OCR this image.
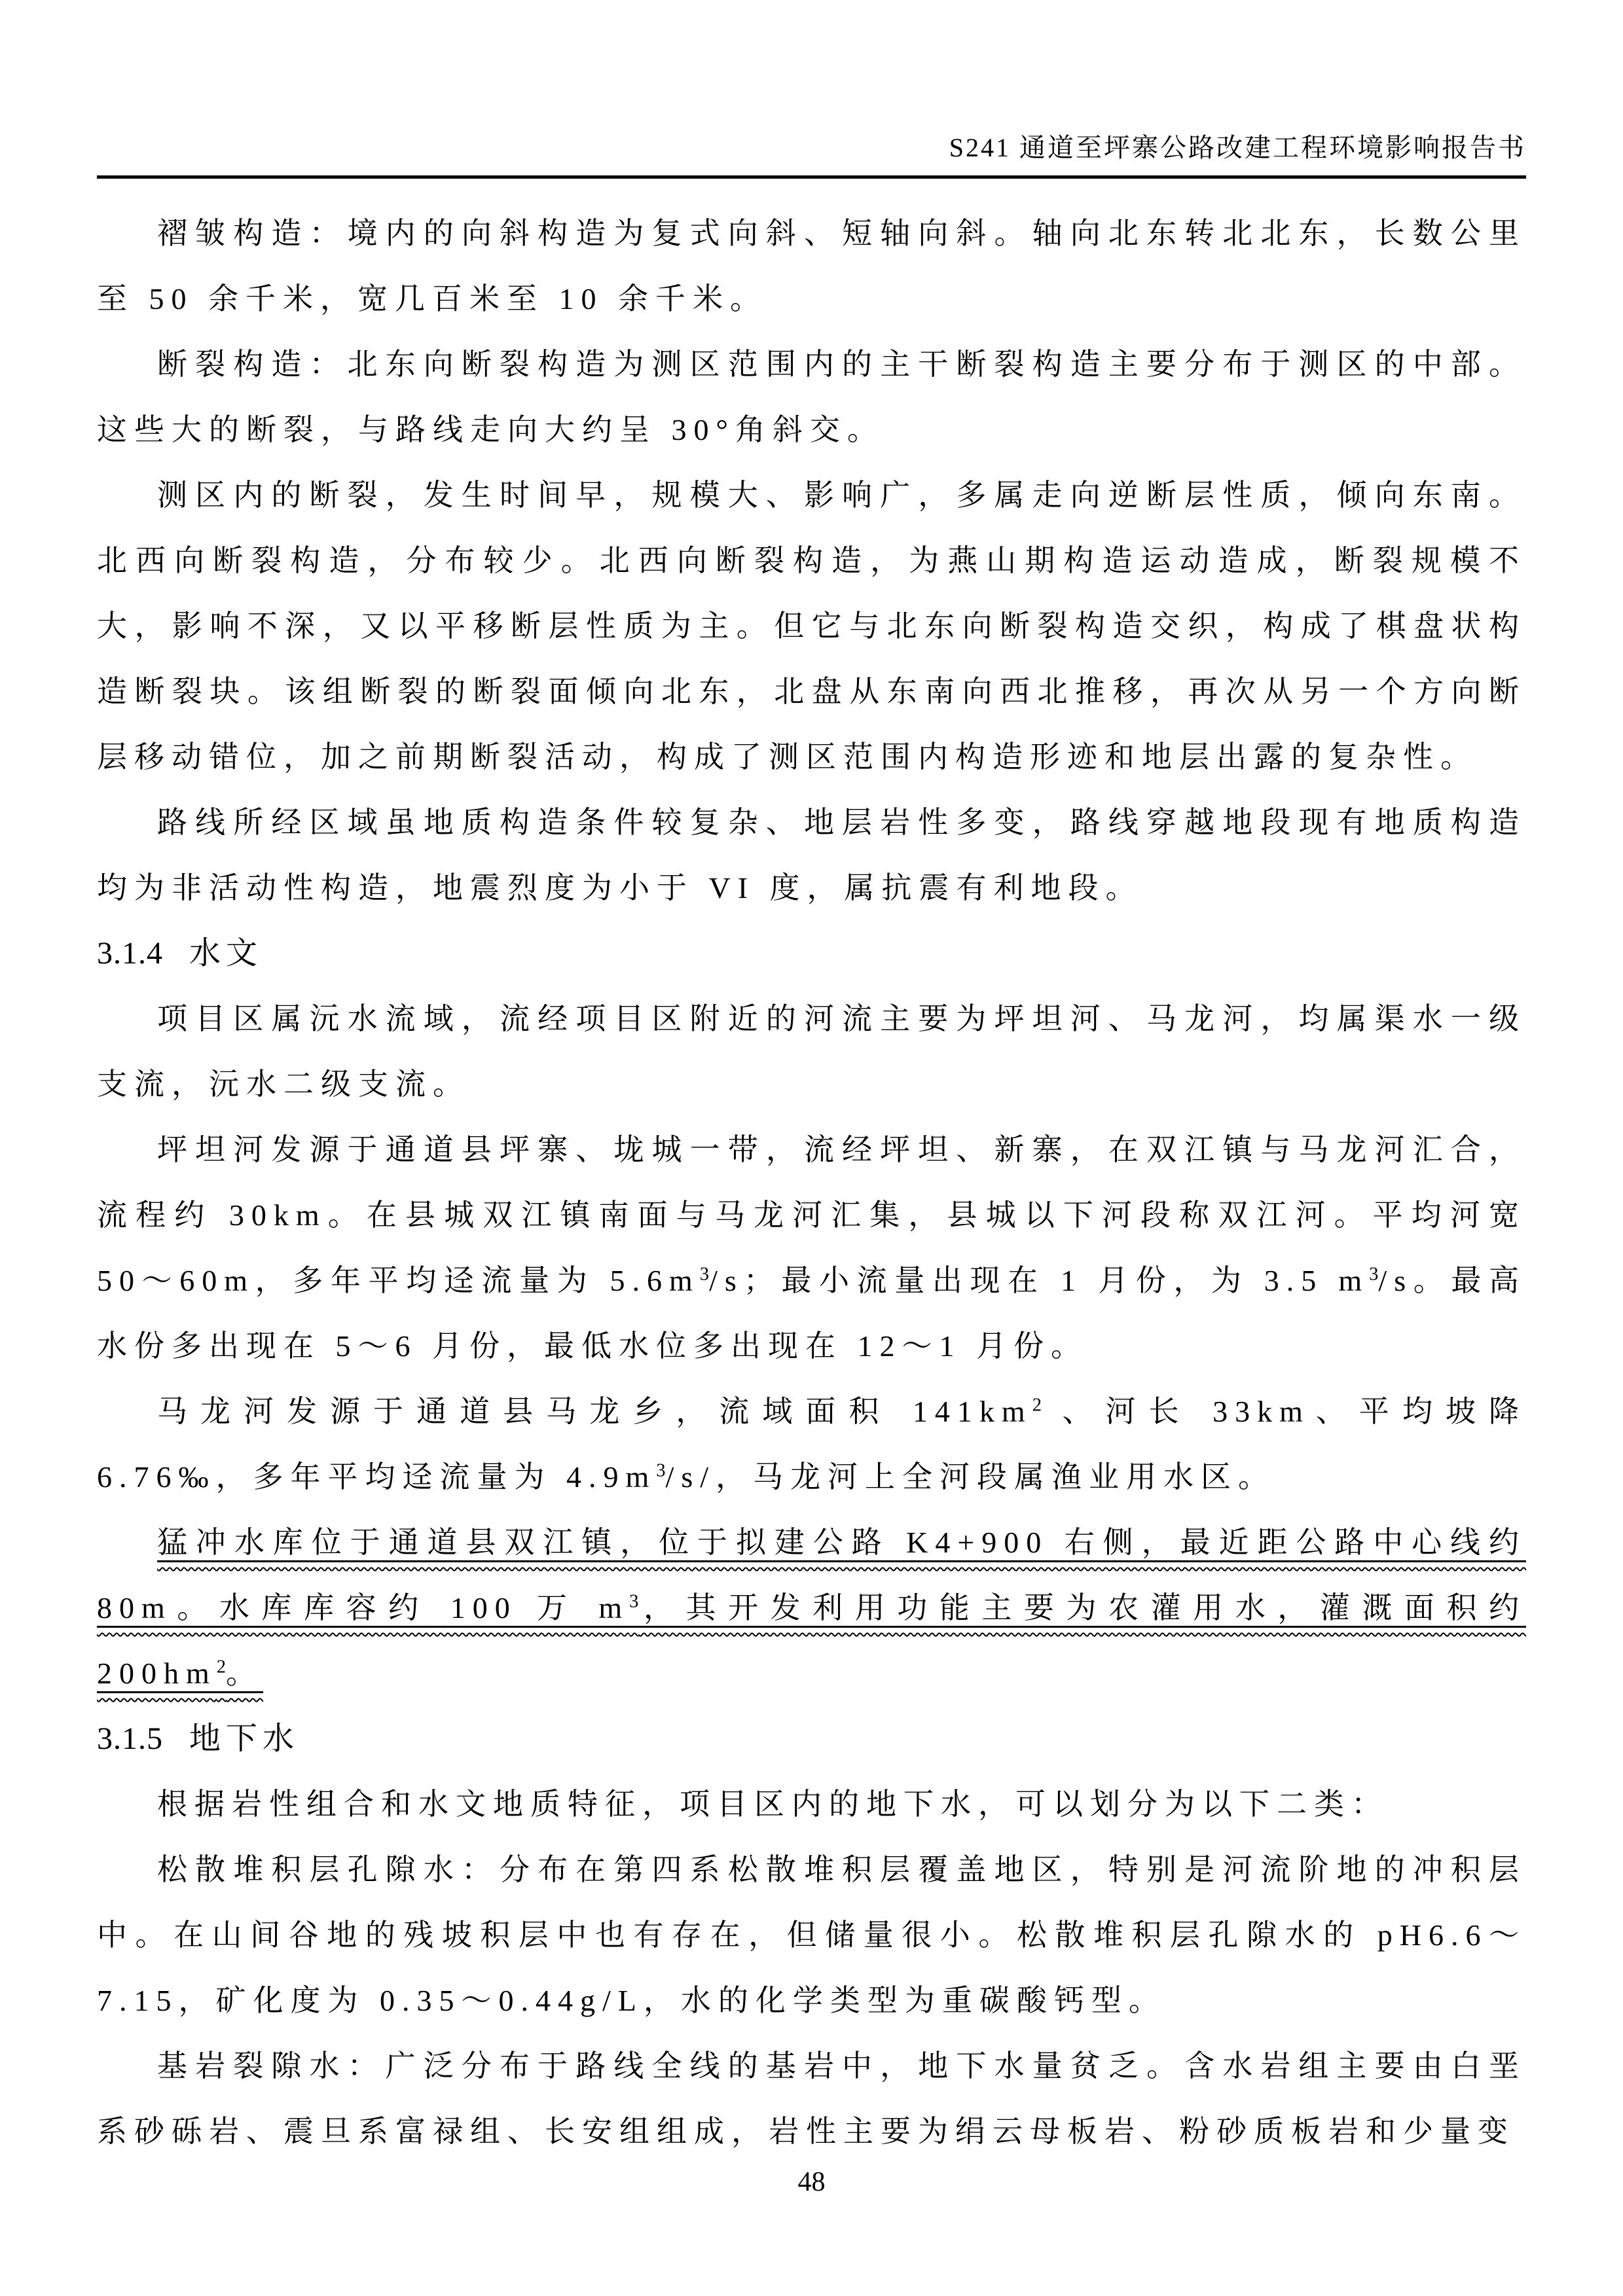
S241 通道至坪寨公路改建工程环境影响报告书

褶皱构造：境内的向斜构造为复式向斜、短轴向斜。轴向北东转北北东，长数公里至 50 余千米，宽几百米至 10 余千米。

断裂构造：北东向断裂构造为测区范围内的主干断裂构造主要分布于测区的中部。这些大的断裂，与路线走向大约呈 30°角斜交。

测区内的断裂，发生时间早，规模大、影响广，多属走向逆断层性质，倾向东南。北西向断裂构造，分布较少。北西向断裂构造，为燕山期构造运动造成，断裂规模不大，影响不深，又以平移断层性质为主。但它与北东向断裂构造交织，构成了棋盘状构造断裂块。该组断裂的断裂面倾向北东，北盘从东南向西北推移，再次从另一个方向断层移动错位，加之前期断裂活动，构成了测区范围内构造形迹和地层出露的复杂性。

路线所经区域虽地质构造条件较复杂、地层岩性多变，路线穿越地段现有地质构造均为非活动性构造，地震烈度为小于 VI 度，属抗震有利地段。

3.1.4 水文

项目区属沅水流域，流经项目区附近的河流主要为坪坦河、马龙河，均属渠水一级支流，沅水二级支流。

坪坦河发源于通道县坪寨、垅城一带，流经坪坦、新寨，在双江镇与马龙河汇合，流程约 30km。在县城双江镇南面与马龙河汇集，县城以下河段称双江河。平均河宽 50～60m，多年平均迳流量为 $5.6m^3/s$；最小流量出现在 1 月份，为 3.5 $m^3/s$。最高水份多出现在 5～6 月份，最低水位多出现在 12～1 月份。

马龙河发源于通道县马龙乡，流域面积 $141km^2$ 、河长 33km、平均坡降 6.76‰，多年平均迳流量为 $4.9m^3/s/$，马龙河上全河段属渔业用水区。

猛冲水库位于通道县双江镇，位于拟建公路 K4+900 右侧，最近距公路中心线约 80m。水库库容约 100 万 $m^3$，其开发利用功能主要为农灌用水，灌溉面积约 $200hm^2$。

3.1.5 地下水

根据岩性组合和水文地质特征，项目区内的地下水，可以划分为以下二类：

松散堆积层孔隙水：分布在第四系松散堆积层覆盖地区，特别是河流阶地的冲积层中。在山间谷地的残坡积层中也有存在，但储量很小。松散堆积层孔隙水的 pH6.6～7.15，矿化度为 0.35～0.44g/L，水的化学类型为重碳酸钙型。

基岩裂隙水：广泛分布于路线全线的基岩中，地下水量贫乏。含水岩组主要由白垩系砂砾岩、震旦系富禄组、长安组组成，岩性主要为绢云母板岩、粉砂质板岩和少量变

48
